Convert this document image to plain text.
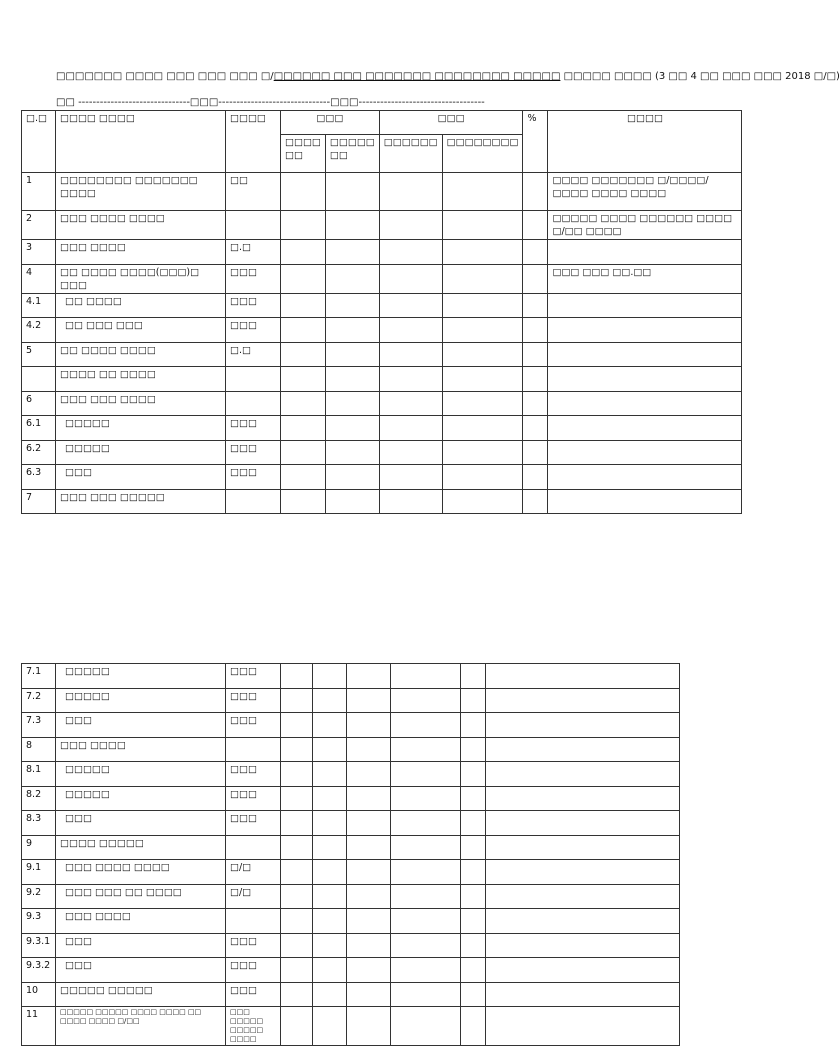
□□□□□□□ □□□□ □□□ □□□ □□□ □/□□□□□□ □□□ □□□□□□□ □□□□□□□□ □□□□□ □□□□□ □□□□ (3 □□ 4 □□ □□□ □□□ 2018 □/□)
□□ -------------------------------□□□-------------------------------□□□-----------------------------------
□.□	□□□□ □□□□	□□□□	□□□		□□□		%	□□□□
			□□□□ □□	□□□□□ □□	□□□□□□	□□□□□□□□		
1	□□□□□□□□ □□□□□□□ □□□□	□□						□□□□ □□□□□□□ □/□□□□/□□□□ □□□□ □□□□
2	□□□ □□□□ □□□□							□□□□□ □□□□ □□□□□□ □□□□ □/□□ □□□□
3	□□□ □□□□	□.□						
4	□□ □□□□ □□□□(□□□)□ □□□	□□□						□□□ □□□ □□.□□
4.1	□□ □□□□	□□□						
4.2	□□ □□□ □□□	□□□						
5	□□ □□□□ □□□□	□.□						
	□□□□ □□ □□□□							
6	□□□ □□□ □□□□							
6.1	□□□□□	□□□						
6.2	□□□□□	□□□						
6.3	□□□	□□□						
7	□□□ □□□ □□□□□							
7.1	□□□□□	□□□						
7.2	□□□□□	□□□						
7.3	□□□	□□□						
8	□□□ □□□□							
8.1	□□□□□	□□□						
8.2	□□□□□	□□□						
8.3	□□□	□□□						
9	□□□□ □□□□□							
9.1	□□□ □□□□ □□□□	□/□						
9.2	□□□ □□□ □□ □□□□	□/□						
9.3	□□□ □□□□							
9.3.1	□□□	□□□						
9.3.2	□□□	□□□						
10	□□□□□ □□□□□	□□□						
11	□□□□□ □□□□□ □□□□ □□□□ □□ □□□□ □□□□ □/□□	□□□ □□□□□ □□□□□ □□□□						
